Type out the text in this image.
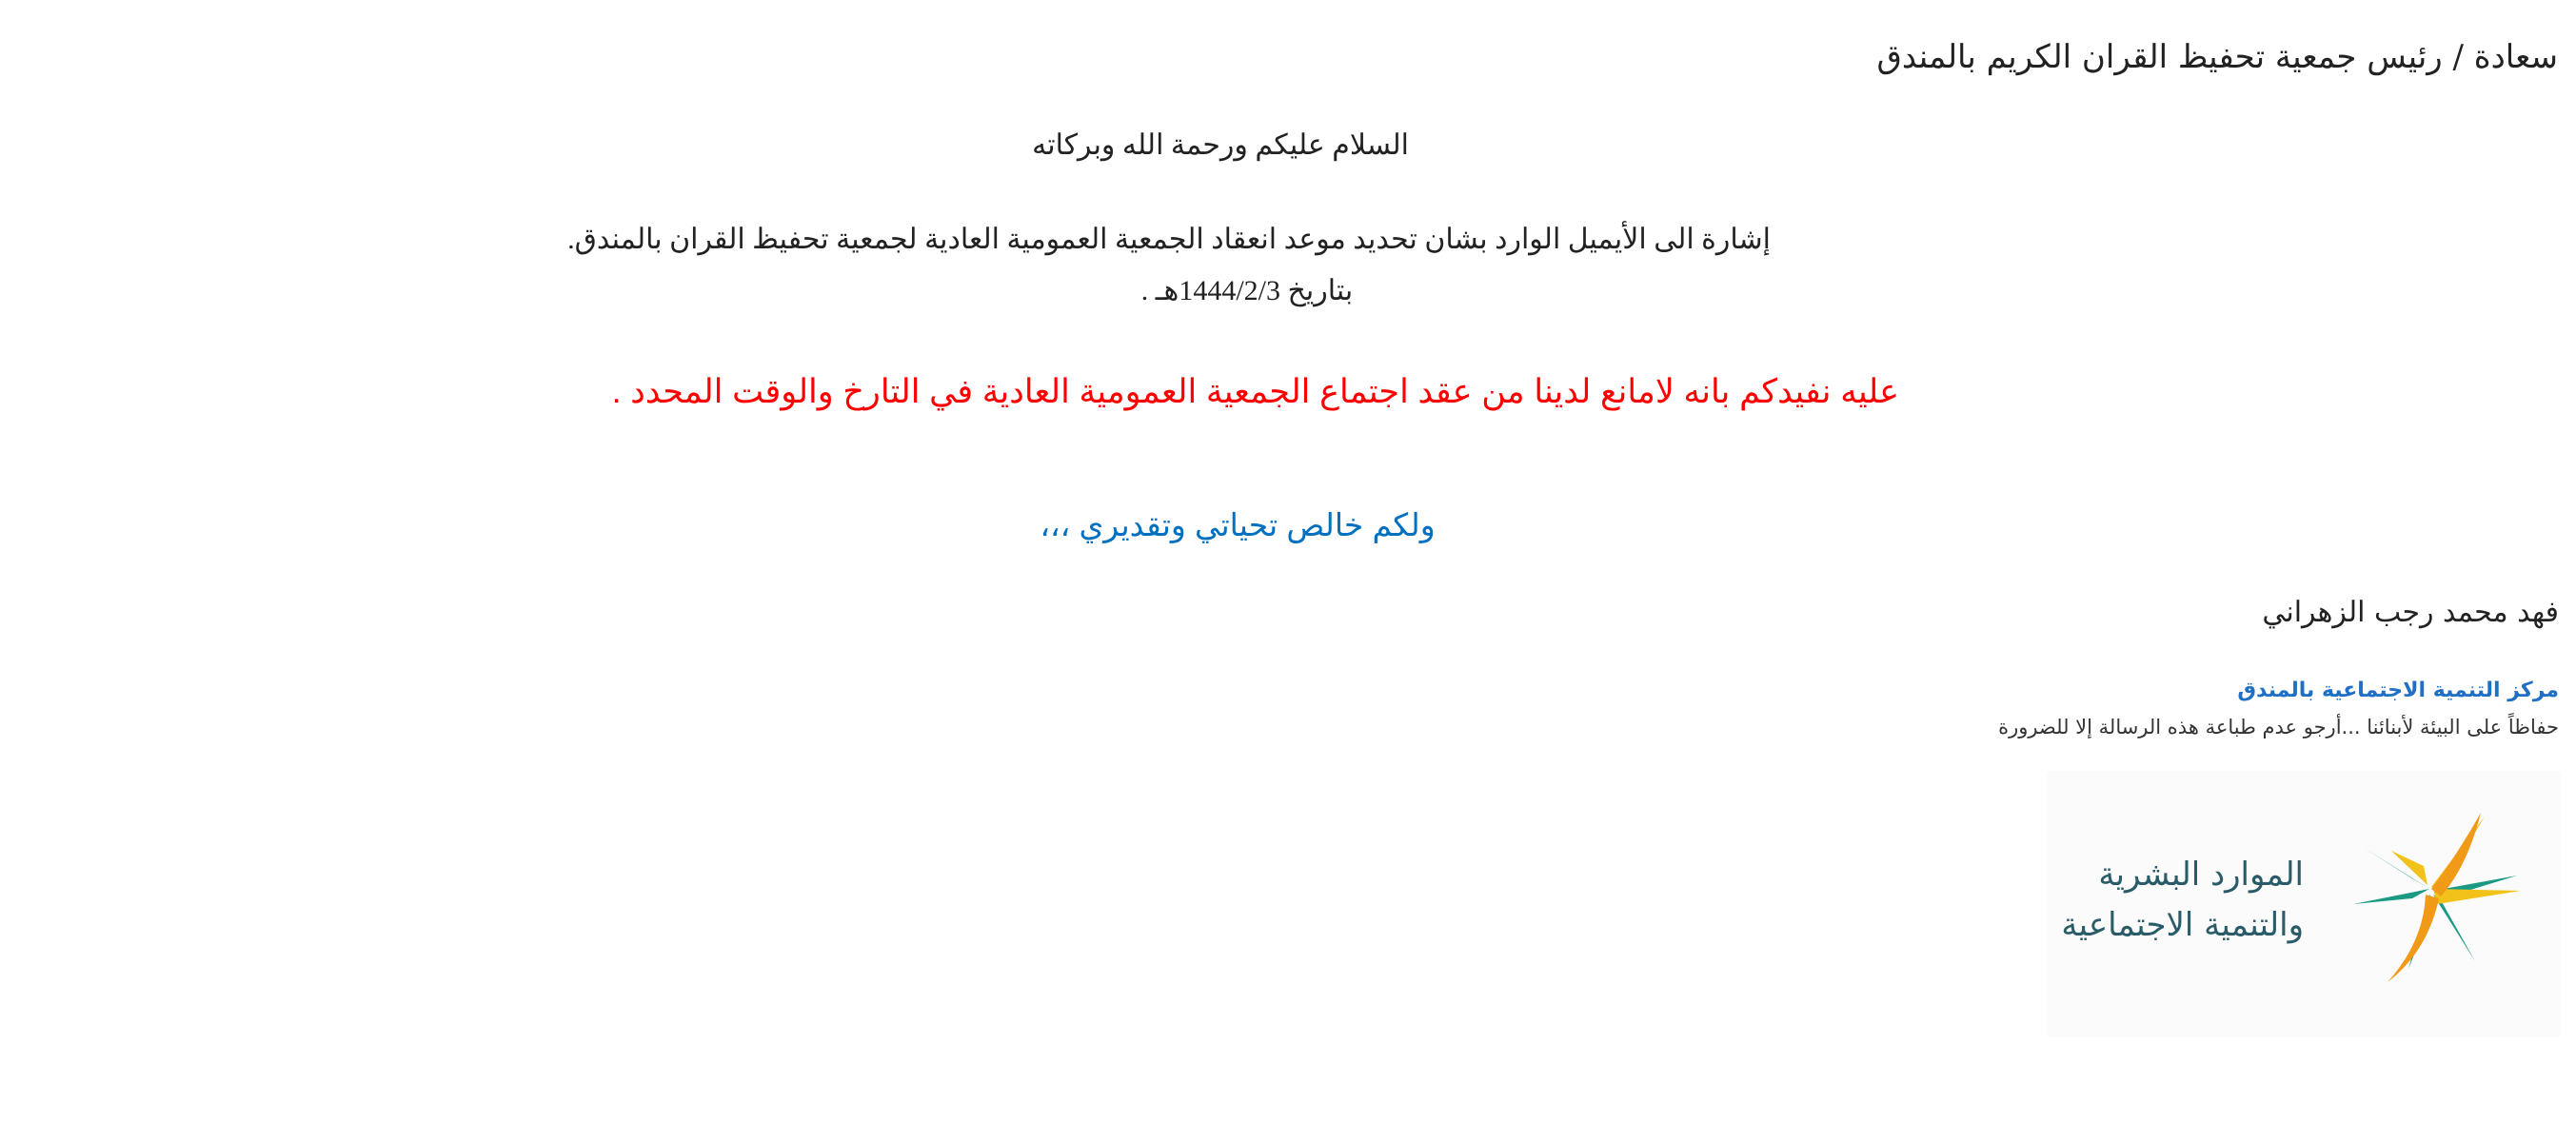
سعادة / رئيس جمعية تحفيظ القران الكريم بالمندق
السلام عليكم ورحمة الله وبركاته
إشارة الى الأيميل الوارد بشان تحديد موعد انعقاد الجمعية العمومية العادية لجمعية تحفيظ القران بالمندق.
بتاريخ 1444/2/3هـ .
عليه نفيدكم بانه لامانع لدينا من عقد اجتماع الجمعية العمومية العادية في التارخ والوقت المحدد .
ولكم خالص تحياتي وتقديري ،،،
فهد محمد رجب الزهراني
مركز التنمية الاجتماعية بالمندق
حفاظاً على البيئة لأبنائنا ...أرجو عدم طباعة هذه الرسالة إلا للضرورة
الموارد البشرية
والتنمية الاجتماعية
